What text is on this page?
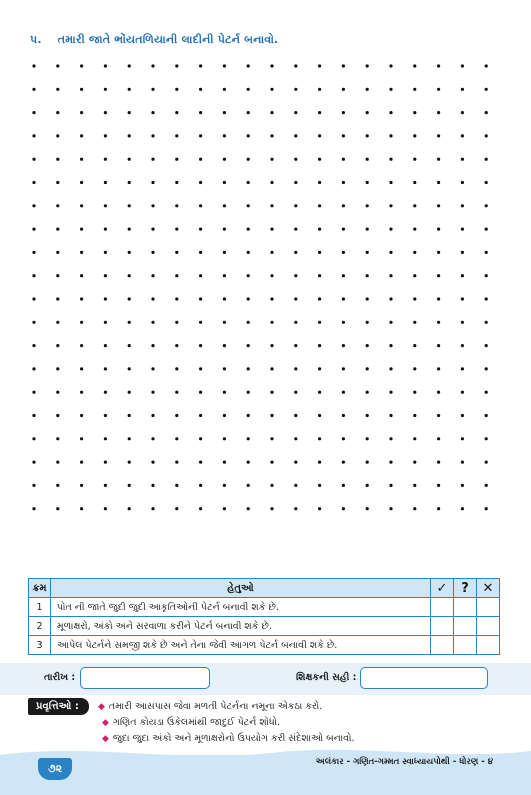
પ. તમારી જાતે ભોંયતળિયાની લાદીની પેટર્ન બનાવો.
ક્રમ	હેતુઓ	✓	?	✕
1	પોત ની જાતે જુદી જુદી આકૃતિઓની પેટર્ન બનાવી શકે છે.			
2	મૂળાક્ષરો, અંકો અને સરવાળા કરીને પેટર્ન બનાવી શકે છે.			
3	આપેલ પેટર્નને સમજી શકે છે અને તેના જેવી આગળ પેટર્ન બનાવી શકે છે.			
તારીખ :	શિક્ષકની સહી :
પ્રવૃત્તિઓ :	◆ તમારી આસપાસ જેવા મળતી પેટર્નના નમૂના એકઠા કરો.
◆ ગણિત કોયડા ઉકેલમાંથી જાદુઈ પેટર્ન શોધો.
◆ જુદા જુદા અંકો અને મૂળાક્ષરોનો ઉપયોગ કરી સંદેશાઓ બનાવો.
૭૨	અલંકાર - ગણિત-ગમ્મત સ્વાધ્યાયપોથી - ધોરણ - ૪
